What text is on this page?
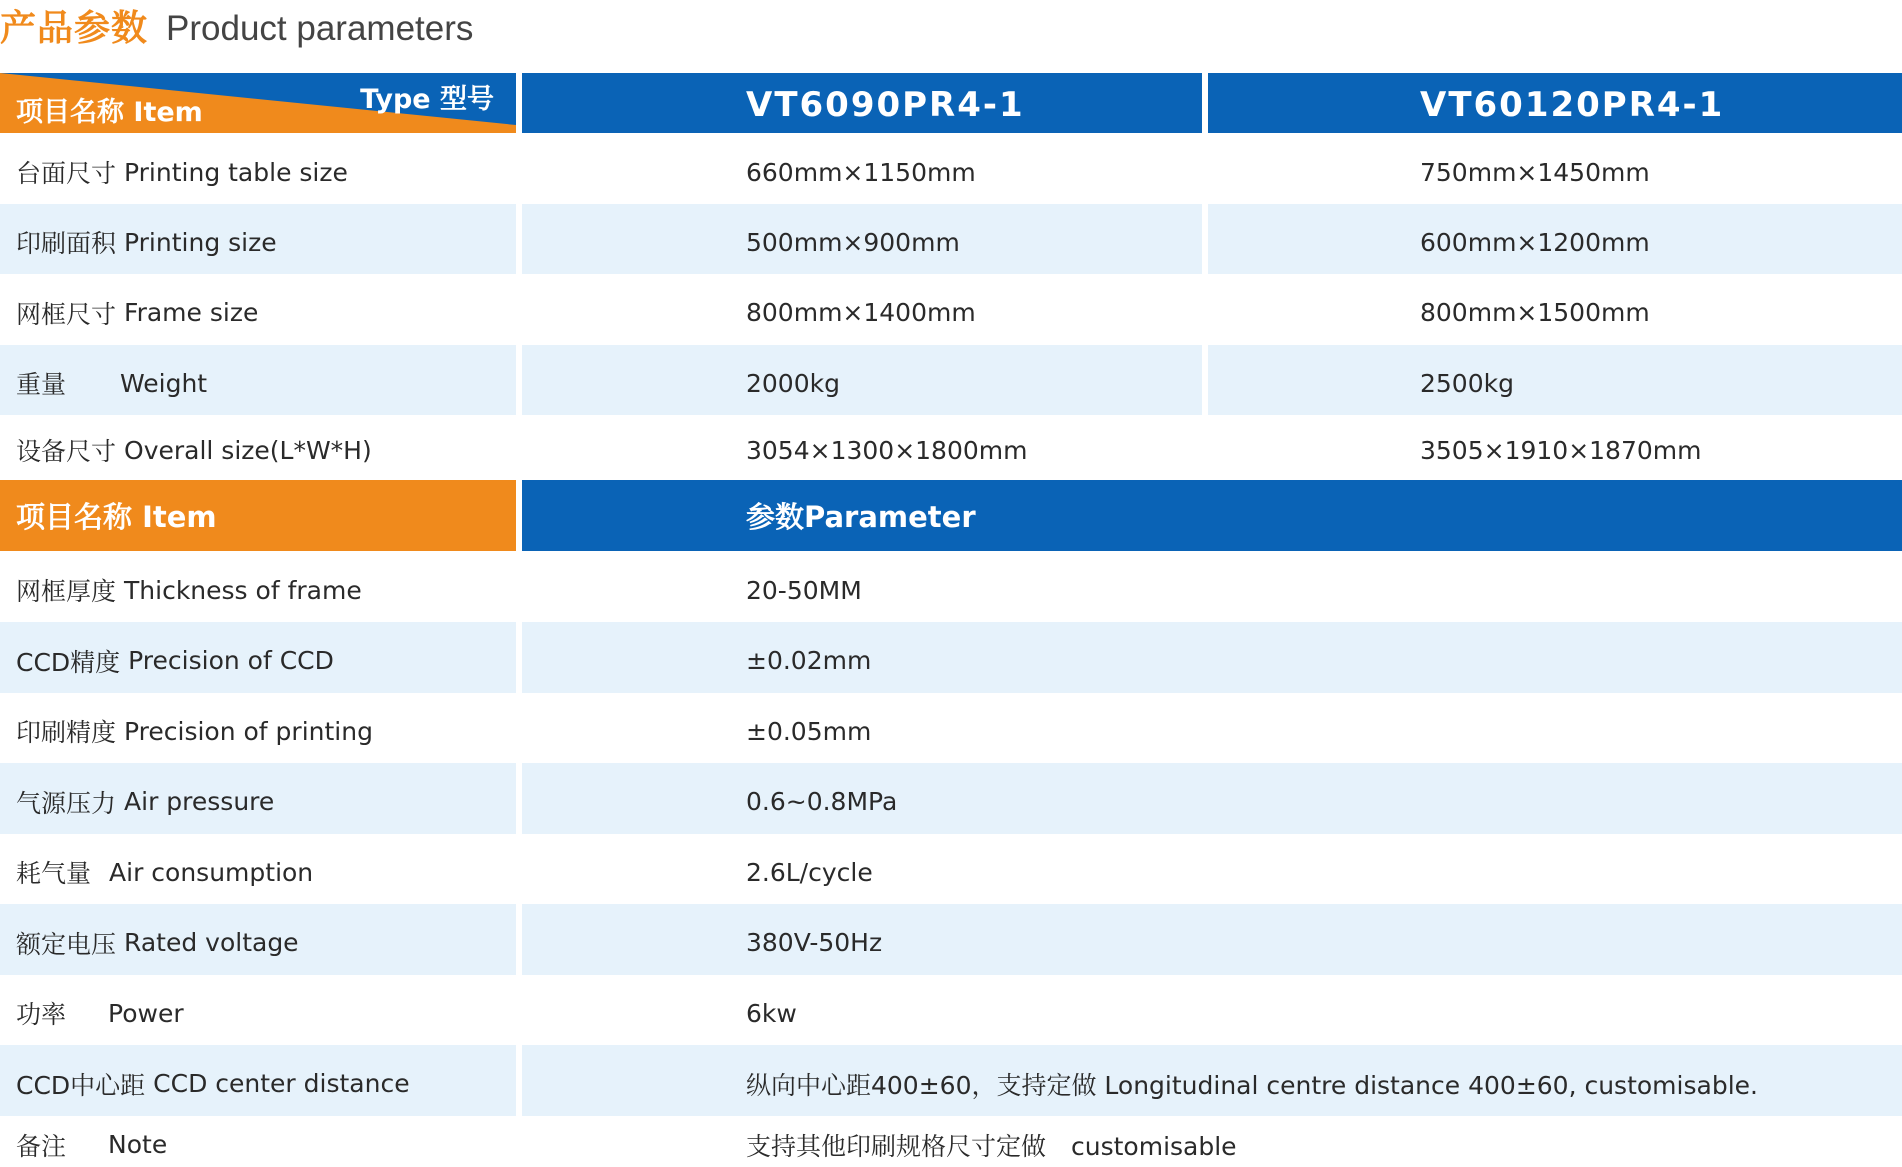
产品参数 Product parameters
Type 型号
项目名称 Item	VT6090PR4-1	VT60120PR4-1
台面尺寸 Printing table size	660mm×1150mm	750mm×1450mm
印刷面积 Printing size	500mm×900mm	600mm×1200mm
网框尺寸 Frame size	800mm×1400mm	800mm×1500mm
重量 Weight	2000kg	2500kg
设备尺寸 Overall size(L*W*H)	3054×1300×1800mm	3505×1910×1870mm
项目名称 Item	参数Parameter
网框厚度 Thickness of frame	20-50MM
CCD精度 Precision of CCD	±0.02mm
印刷精度 Precision of printing	±0.05mm
气源压力 Air pressure	0.6~0.8MPa
耗气量 Air consumption	2.6L/cycle
额定电压 Rated voltage	380V-50Hz
功率 Power	6kw
CCD中心距 CCD center distance	纵向中心距400±60，支持定做 Longitudinal centre distance 400±60, customisable.
备注 Note	支持其他印刷规格尺寸定做　customisable
